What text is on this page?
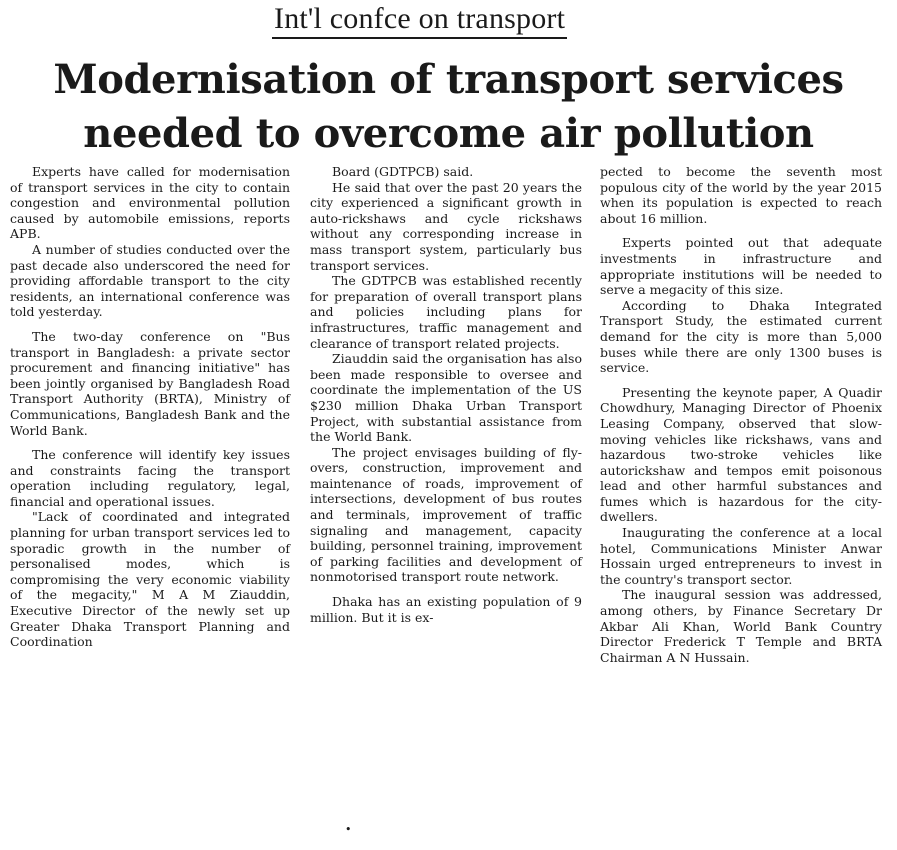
Int'l confce on transport
Modernisation of transport services
needed to overcome air pollution

Experts have called for modernisation of transport services in the city to contain congestion and environmental pollution caused by automobile emissions, reports APB.

A number of studies conducted over the past decade also underscored the need for providing affordable transport to the city residents, an international conference was told yesterday.

The two-day conference on "Bus transport in Bangladesh: a private sector procurement and financing initiative" has been jointly organised by Bangladesh Road Transport Authority (BRTA), Ministry of Communications, Bangladesh Bank and the World Bank.

The conference will identify key issues and constraints facing the transport operation including regulatory, legal, financial and operational issues.

"Lack of coordinated and integrated planning for urban transport services led to sporadic growth in the number of personalised modes, which is compromising the very economic viability of the megacity," M A M Ziauddin, Executive Director of the newly set up Greater Dhaka Transport Planning and Coordination

Board (GDTPCB) said.

He said that over the past 20 years the city experienced a significant growth in auto-rickshaws and cycle rickshaws without any corresponding increase in mass transport system, particularly bus transport services.

The GDTPCB was established recently for preparation of overall transport plans and policies including plans for infrastructures, traffic management and clearance of transport related projects.

Ziauddin said the organisation has also been made responsible to oversee and coordinate the implementation of the US $230 million Dhaka Urban Transport Project, with substantial assistance from the World Bank.

The project envisages building of fly-overs, construction, improvement and maintenance of roads, improvement of intersections, development of bus routes and terminals, improvement of traffic signaling and management, capacity building, personnel training, improvement of parking facilities and development of nonmotorised transport route network.

Dhaka has an existing population of 9 million. But it is ex-

pected to become the seventh most populous city of the world by the year 2015 when its population is expected to reach about 16 million.

Experts pointed out that adequate investments in infrastructure and appropriate institutions will be needed to serve a megacity of this size.

According to Dhaka Integrated Transport Study, the estimated current demand for the city is more than 5,000 buses while there are only 1300 buses is service.

Presenting the keynote paper, A Quadir Chowdhury, Managing Director of Phoenix Leasing Company, observed that slow-moving vehicles like rickshaws, vans and hazardous two-stroke vehicles like autorickshaw and tempos emit poisonous lead and other harmful substances and fumes which is hazardous for the city-dwellers.

Inaugurating the conference at a local hotel, Communications Minister Anwar Hossain urged entrepreneurs to invest in the country's transport sector.

The inaugural session was addressed, among others, by Finance Secretary Dr Akbar Ali Khan, World Bank Country Director Frederick T Temple and BRTA Chairman A N Hussain.

•
